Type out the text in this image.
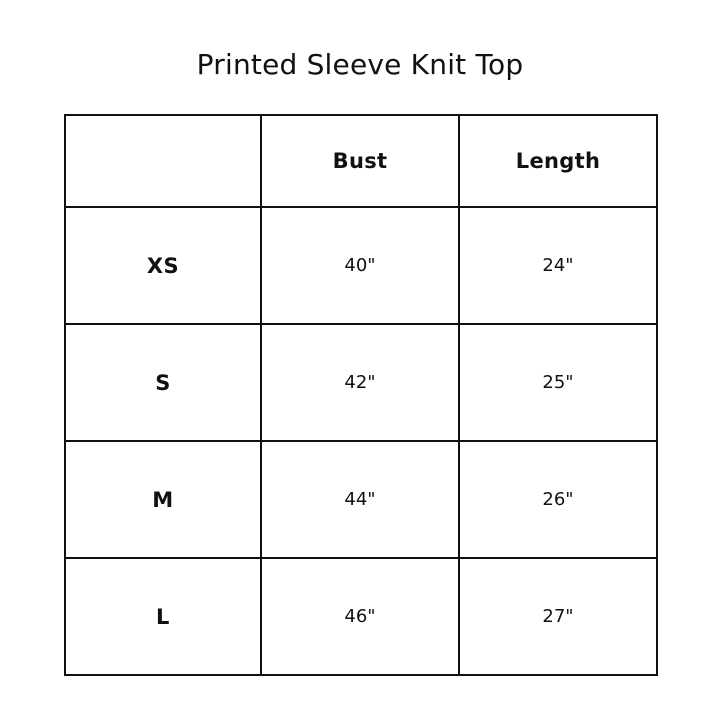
Printed Sleeve Knit Top
	Bust	Length
XS	40"	24"
S	42"	25"
M	44"	26"
L	46"	27"
